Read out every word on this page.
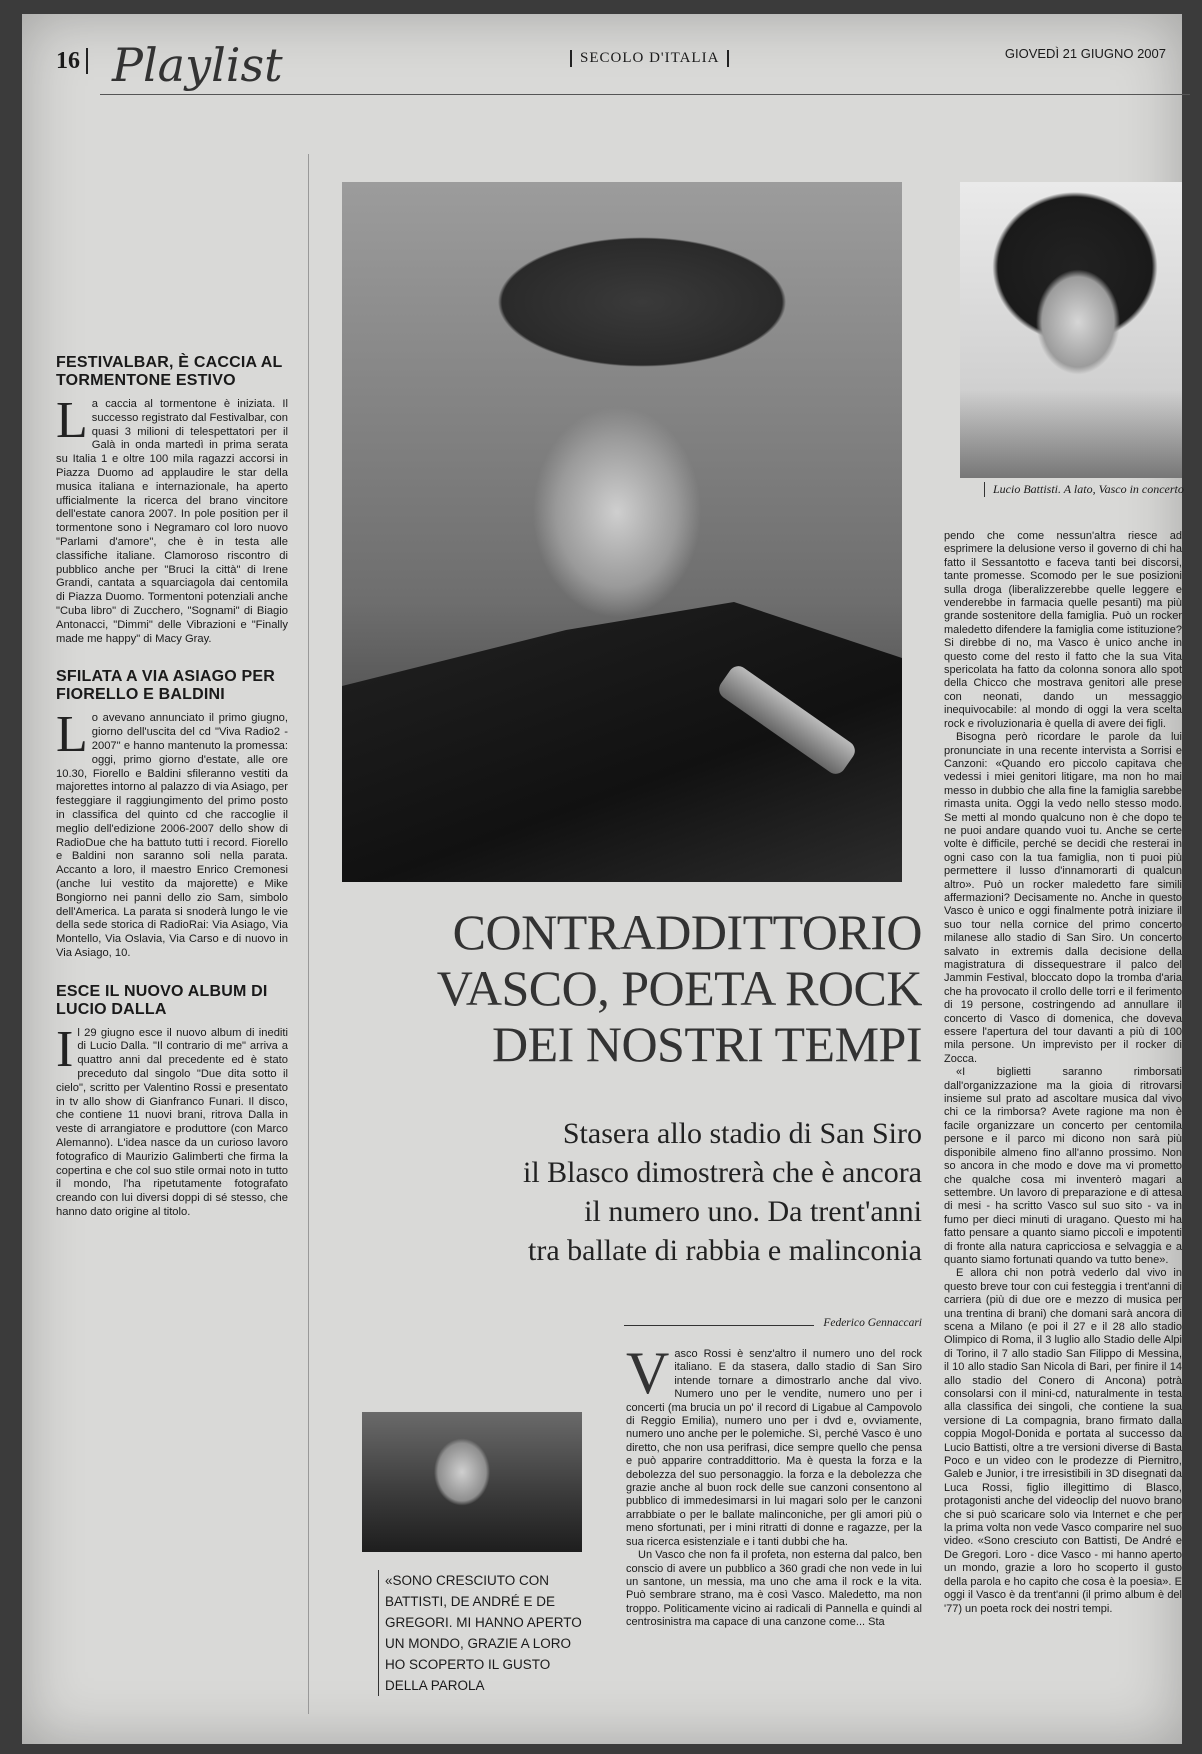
16 Playlist	SECOLO D'ITALIA	GIOVEDÌ 21 GIUGNO 2007
FESTIVALBAR, È CACCIA AL TORMENTONE ESTIVO

La caccia al tormentone è iniziata. Il successo registrato dal Festivalbar, con quasi 3 milioni di telespettatori per il Galà in onda martedì in prima serata su Italia 1 e oltre 100 mila ragazzi accorsi in Piazza Duomo ad applaudire le star della musica italiana e internazionale, ha aperto ufficialmente la ricerca del brano vincitore dell'estate canora 2007. In pole position per il tormentone sono i Negramaro col loro nuovo "Parlami d'amore", che è in testa alle classifiche italiane. Clamoroso riscontro di pubblico anche per "Bruci la città" di Irene Grandi, cantata a squarciagola dai centomila di Piazza Duomo. Tormentoni potenziali anche "Cuba libro" di Zucchero, "Sognami" di Biagio Antonacci, "Dimmi" delle Vibrazioni e "Finally made me happy" di Macy Gray.

SFILATA A VIA ASIAGO PER FIORELLO E BALDINI

Lo avevano annunciato il primo giugno, giorno dell'uscita del cd "Viva Radio2 - 2007" e hanno mantenuto la promessa: oggi, primo giorno d'estate, alle ore 10.30, Fiorello e Baldini sfileranno vestiti da majorettes intorno al palazzo di via Asiago, per festeggiare il raggiungimento del primo posto in classifica del quinto cd che raccoglie il meglio dell'edizione 2006-2007 dello show di RadioDue che ha battuto tutti i record. Fiorello e Baldini non saranno soli nella parata. Accanto a loro, il maestro Enrico Cremonesi (anche lui vestito da majorette) e Mike Bongiorno nei panni dello zio Sam, simbolo dell'America. La parata si snoderà lungo le vie della sede storica di RadioRai: Via Asiago, Via Montello, Via Oslavia, Via Carso e di nuovo in Via Asiago, 10.

ESCE IL NUOVO ALBUM DI LUCIO DALLA

Il 29 giugno esce il nuovo album di inediti di Lucio Dalla. "Il contrario di me" arriva a quattro anni dal precedente ed è stato preceduto dal singolo "Due dita sotto il cielo", scritto per Valentino Rossi e presentato in tv allo show di Gianfranco Funari. Il disco, che contiene 11 nuovi brani, ritrova Dalla in veste di arrangiatore e produttore (con Marco Alemanno). L'idea nasce da un curioso lavoro fotografico di Maurizio Galimberti che firma la copertina e che col suo stile ormai noto in tutto il mondo, l'ha ripetutamente fotografato creando con lui diversi doppi di sé stesso, che hanno dato origine al titolo.

Lucio Battisti. A lato, Vasco in concerto
CONTRADDITTORIO
VASCO, POETA ROCK
DEI NOSTRI TEMPI

Stasera allo stadio di San Siro
il Blasco dimostrerà che è ancora
il numero uno. Da trent'anni
tra ballate di rabbia e malinconia

Federico Gennaccari
«SONO CRESCIUTO CON BATTISTI, DE ANDRÉ E DE GREGORI. MI HANNO APERTO UN MONDO, GRAZIE A LORO HO SCOPERTO IL GUSTO DELLA PAROLA

Vasco Rossi è senz'altro il numero uno del rock italiano. E da stasera, dallo stadio di San Siro intende tornare a dimostrarlo anche dal vivo. Numero uno per le vendite, numero uno per i concerti (ma brucia un po' il record di Ligabue al Campovolo di Reggio Emilia), numero uno per i dvd e, ovviamente, numero uno anche per le polemiche. Sì, perché Vasco è uno diretto, che non usa perifrasi, dice sempre quello che pensa e può apparire contraddittorio. Ma è questa la forza e la debolezza del suo personaggio. la forza e la debolezza che grazie anche al buon rock delle sue canzoni consentono al pubblico di immedesimarsi in lui magari solo per le canzoni arrabbiate o per le ballate malinconiche, per gli amori più o meno sfortunati, per i mini ritratti di donne e ragazze, per la sua ricerca esistenziale e i tanti dubbi che ha.

Un Vasco che non fa il profeta, non esterna dal palco, ben conscio di avere un pubblico a 360 gradi che non vede in lui un santone, un messia, ma uno che ama il rock e la vita. Può sembrare strano, ma è così Vasco. Maledetto, ma non troppo. Politicamente vicino ai radicali di Pannella e quindi al centrosinistra ma capace di una canzone come... Sta

pendo che come nessun'altra riesce ad esprimere la delusione verso il governo di chi ha fatto il Sessantotto e faceva tanti bei discorsi, tante promesse. Scomodo per le sue posizioni sulla droga (liberalizzerebbe quelle leggere e venderebbe in farmacia quelle pesanti) ma più grande sostenitore della famiglia. Può un rocker maledetto difendere la famiglia come istituzione? Si direbbe di no, ma Vasco è unico anche in questo come del resto il fatto che la sua Vita spericolata ha fatto da colonna sonora allo spot della Chicco che mostrava genitori alle prese con neonati, dando un messaggio inequivocabile: al mondo di oggi la vera scelta rock e rivoluzionaria è quella di avere dei figli.

Bisogna però ricordare le parole da lui pronunciate in una recente intervista a Sorrisi e Canzoni: «Quando ero piccolo capitava che vedessi i miei genitori litigare, ma non ho mai messo in dubbio che alla fine la famiglia sarebbe rimasta unita. Oggi la vedo nello stesso modo. Se metti al mondo qualcuno non è che dopo te ne puoi andare quando vuoi tu. Anche se certe volte è difficile, perché se decidi che resterai in ogni caso con la tua famiglia, non ti puoi più permettere il lusso d'innamorarti di qualcun altro». Può un rocker maledetto fare simili affermazioni? Decisamente no. Anche in questo Vasco è unico e oggi finalmente potrà iniziare il suo tour nella cornice del primo concerto milanese allo stadio di San Siro. Un concerto salvato in extremis dalla decisione della magistratura di dissequestrare il palco del Jammin Festival, bloccato dopo la tromba d'aria che ha provocato il crollo delle torri e il ferimento di 19 persone, costringendo ad annullare il concerto di Vasco di domenica, che doveva essere l'apertura del tour davanti a più di 100 mila persone. Un imprevisto per il rocker di Zocca.

«I biglietti saranno rimborsati dall'organizzazione ma la gioia di ritrovarsi insieme sul prato ad ascoltare musica dal vivo chi ce la rimborsa? Avete ragione ma non è facile organizzare un concerto per centomila persone e il parco mi dicono non sarà più disponibile almeno fino all'anno prossimo. Non so ancora in che modo e dove ma vi prometto che qualche cosa mi inventerò magari a settembre. Un lavoro di preparazione e di attesa di mesi - ha scritto Vasco sul suo sito - va in fumo per dieci minuti di uragano. Questo mi ha fatto pensare a quanto siamo piccoli e impotenti di fronte alla natura capricciosa e selvaggia e a quanto siamo fortunati quando va tutto bene».

E allora chi non potrà vederlo dal vivo in questo breve tour con cui festeggia i trent'anni di carriera (più di due ore e mezzo di musica per una trentina di brani) che domani sarà ancora di scena a Milano (e poi il 27 e il 28 allo stadio Olimpico di Roma, il 3 luglio allo Stadio delle Alpi di Torino, il 7 allo stadio San Filippo di Messina, il 10 allo stadio San Nicola di Bari, per finire il 14 allo stadio del Conero di Ancona) potrà consolarsi con il mini-cd, naturalmente in testa alla classifica dei singoli, che contiene la sua versione di La compagnia, brano firmato dalla coppia Mogol-Donida e portata al successo da Lucio Battisti, oltre a tre versioni diverse di Basta Poco e un video con le prodezze di Piernitro, Galeb e Junior, i tre irresistibili in 3D disegnati da Luca Rossi, figlio illegittimo di Blasco, protagonisti anche del videoclip del nuovo brano che si può scaricare solo via Internet e che per la prima volta non vede Vasco comparire nel suo video. «Sono cresciuto con Battisti, De André e De Gregori. Loro - dice Vasco - mi hanno aperto un mondo, grazie a loro ho scoperto il gusto della parola e ho capito che cosa è la poesia». E oggi il Vasco è da trent'anni (il primo album è del '77) un poeta rock dei nostri tempi.
